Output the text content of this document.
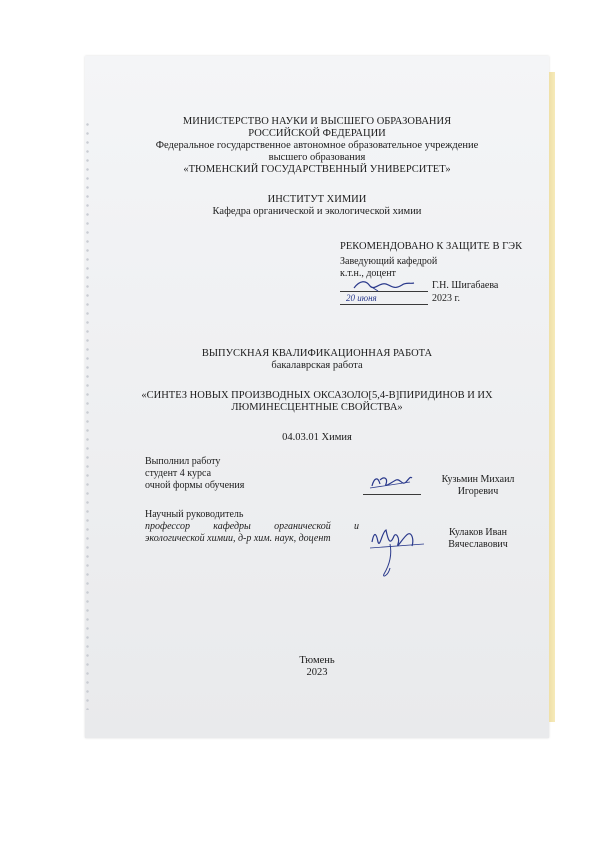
МИНИСТЕРСТВО НАУКИ И ВЫСШЕГО ОБРАЗОВАНИЯ
РОССИЙСКОЙ ФЕДЕРАЦИИ
Федеральное государственное автономное образовательное учреждение
высшего образования
«ТЮМЕНСКИЙ ГОСУДАРСТВЕННЫЙ УНИВЕРСИТЕТ»
ИНСТИТУТ ХИМИИ
Кафедра органической и экологической химии
РЕКОМЕНДОВАНО К ЗАЩИТЕ В ГЭК
Заведующий кафедрой
к.т.н., доцент
Г.Н. Шигабаева
20 июня	2023 г.
ВЫПУСКНАЯ КВАЛИФИКАЦИОННАЯ РАБОТА
бакалаврская работа
«СИНТЕЗ НОВЫХ ПРОИЗВОДНЫХ ОКСАЗОЛО[5,4-B]ПИРИДИНОВ И ИХ
ЛЮМИНЕСЦЕНТНЫЕ СВОЙСТВА»
04.03.01 Химия
Выполнил работу
студент 4 курса
очной формы обучения
Кузьмин Михаил
Игоревич
Научный руководитель
профессор кафедры органической и
экологической химии, д-р хим. наук, доцент
Кулаков Иван
Вячеславович
Тюмень
2023
